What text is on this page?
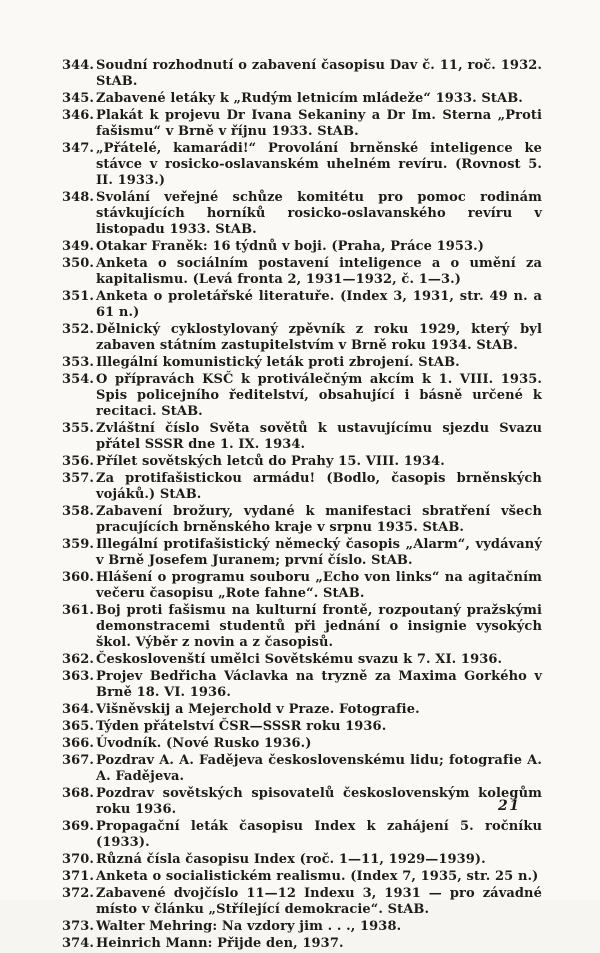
344. Soudní rozhodnutí o zabavení časopisu Dav č. 11, roč. 1932. StAB.
345. Zabavené letáky k „Rudým letnicím mládeže“ 1933. StAB.
346. Plakát k projevu Dr Ivana Sekaniny a Dr Im. Sterna „Proti fašismu“ v Brně v říjnu 1933. StAB.
347. „Přátelé, kamarádi!“ Provolání brněnské inteligence ke stávce v rosicko-oslavanském uhelném revíru. (Rovnost 5. II. 1933.)
348. Svolání veřejné schůze komitétu pro pomoc rodinám stávkujících horníků rosicko-oslavanského revíru v listopadu 1933. StAB.
349. Otakar Franěk: 16 týdnů v boji. (Praha, Práce 1953.)
350. Anketa o sociálním postavení inteligence a o umění za kapitalismu. (Levá fronta 2, 1931—1932, č. 1—3.)
351. Anketa o proletářské literatuře. (Index 3, 1931, str. 49 n. a 61 n.)
352. Dělnický cyklostylovaný zpěvník z roku 1929, který byl zabaven státním zastupitelstvím v Brně roku 1934. StAB.
353. Illegální komunistický leták proti zbrojení. StAB.
354. O přípravách KSČ k protiválečným akcím k 1. VIII. 1935. Spis policejního ředitelství, obsahující i básně určené k recitaci. StAB.
355. Zvláštní číslo Světa sovětů k ustavujícímu sjezdu Svazu přátel SSSR dne 1. IX. 1934.
356. Přílet sovětských letců do Prahy 15. VIII. 1934.
357. Za protifašistickou armádu! (Bodlo, časopis brněnských vojáků.) StAB.
358. Zabavení brožury, vydané k manifestaci sbratření všech pracujících brněnského kraje v srpnu 1935. StAB.
359. Illegální protifašistický německý časopis „Alarm“, vydávaný v Brně Josefem Juranem; první číslo. StAB.
360. Hlášení o programu souboru „Echo von links“ na agitačním večeru časopisu „Rote fahne“. StAB.
361. Boj proti fašismu na kulturní frontě, rozpoutaný pražskými demonstracemi studentů při jednání o insignie vysokých škol. Výběr z novin a z časopisů.
362. Českoslovenští umělci Sovětskému svazu k 7. XI. 1936.
363. Projev Bedřicha Václavka na tryzně za Maxima Gorkého v Brně 18. VI. 1936.
364. Višněvskij a Mejerchold v Praze. Fotografie.
365. Týden přátelství ČSR—SSSR roku 1936.
366. Úvodník. (Nové Rusko 1936.)
367. Pozdrav A. A. Fadějeva československému lidu; fotografie A. A. Fadějeva.
368. Pozdrav sovětských spisovatelů československým kolegům roku 1936.
369. Propagační leták časopisu Index k zahájení 5. ročníku (1933).
370. Různá čísla časopisu Index (roč. 1—11, 1929—1939).
371. Anketa o socialistickém realismu. (Index 7, 1935, str. 25 n.)
372. Zabavené dvojčíslo 11—12 Indexu 3, 1931 — pro závadné místo v článku „Střílející demokracie“. StAB.
373. Walter Mehring: Na vzdory jim . . ., 1938.
374. Heinrich Mann: Přijde den, 1937.
21
